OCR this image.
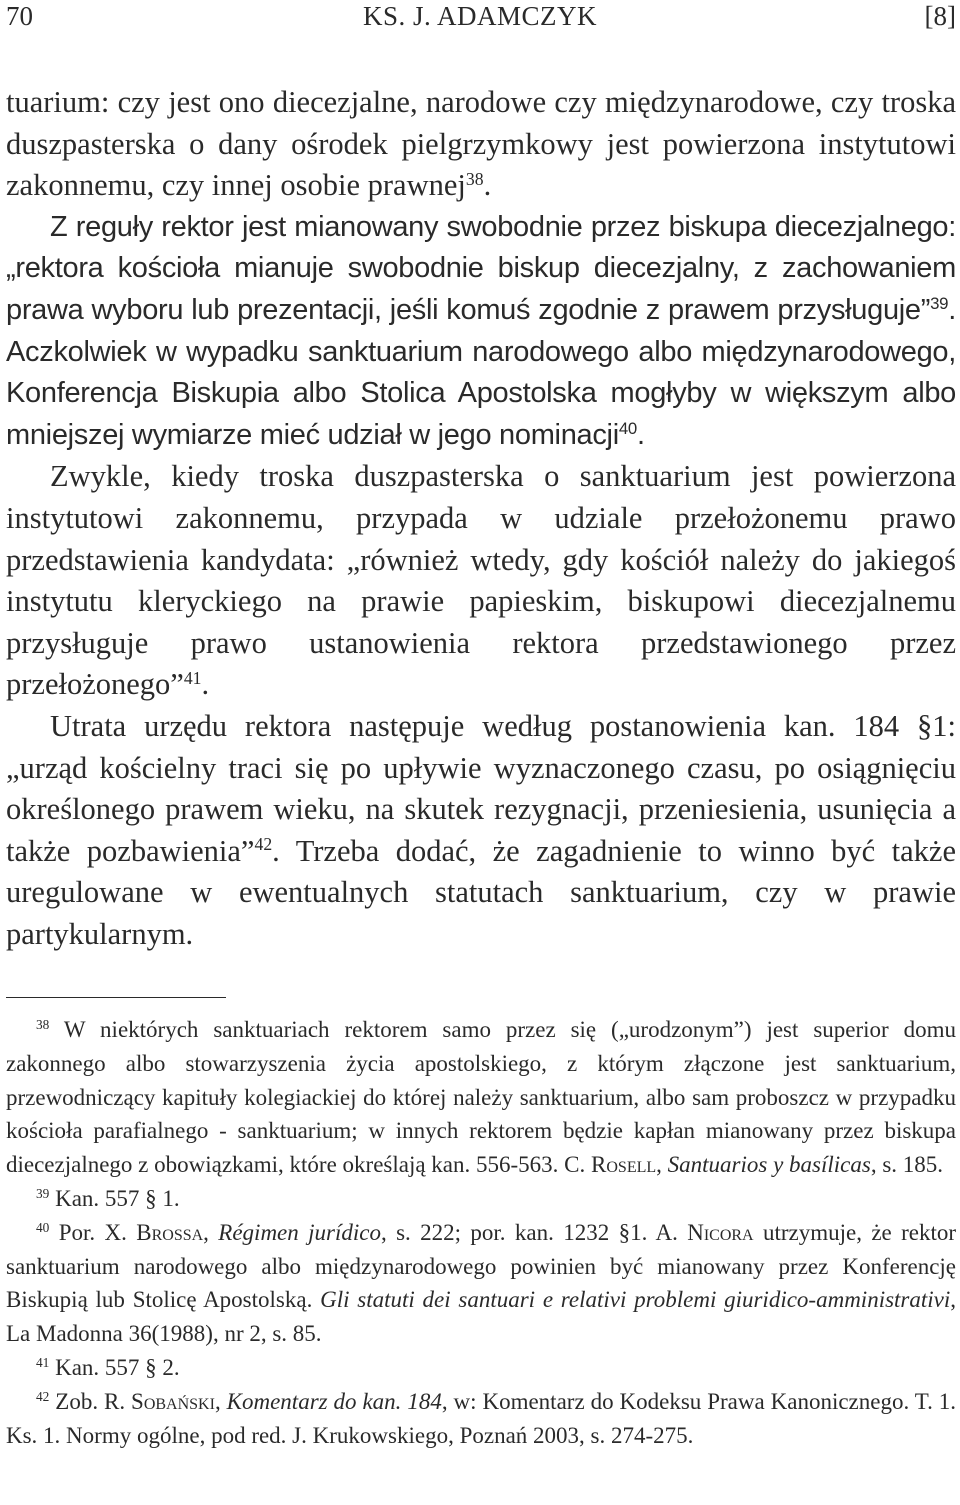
70	KS. J. ADAMCZYK	[8]

tuarium: czy jest ono diecezjalne, narodowe czy międzynarodowe, czy troska duszpasterska o dany ośrodek pielgrzymkowy jest powierzona instytutowi zakonnemu, czy innej osobie prawnej$^{38}$.

Z reguły rektor jest mianowany swobodnie przez biskupa diecezjalnego: „rektora kościoła mianuje swobodnie biskup diecezjalny, z zachowaniem prawa wyboru lub prezentacji, jeśli komuś zgodnie z prawem przysługuje”$^{39}$. Aczkolwiek w wypadku sanktuarium narodowego albo międzynarodowego, Konferencja Biskupia albo Stolica Apostolska mogłyby w większym albo mniejszej wymiarze mieć udział w jego nominacji$^{40}$.

Zwykle, kiedy troska duszpasterska o sanktuarium jest powierzona instytutowi zakonnemu, przypada w udziale przełożonemu prawo przedstawienia kandydata: „również wtedy, gdy kościół należy do jakiegoś instytutu kleryckiego na prawie papieskim, biskupowi diecezjalnemu przysługuje prawo ustanowienia rektora przedstawionego przez przełożonego”$^{41}$.

Utrata urzędu rektora następuje według postanowienia kan. 184 §1: „urząd kościelny traci się po upływie wyznaczonego czasu, po osiągnięciu określonego prawem wieku, na skutek rezygnacji, przeniesienia, usunięcia a także pozbawienia”$^{42}$. Trzeba dodać, że zagadnienie to winno być także uregulowane w ewentualnych statutach sanktuarium, czy w prawie partykularnym.

$^{38}$ W niektórych sanktuariach rektorem samo przez się („urodzonym”) jest superior domu zakonnego albo stowarzyszenia życia apostolskiego, z którym złączone jest sanktuarium, przewodniczący kapituły kolegiackiej do której należy sanktuarium, albo sam proboszcz w przypadku kościoła parafialnego - sanktuarium; w innych rektorem będzie kapłan mianowany przez biskupa diecezjalnego z obowiązkami, które określają kan. 556-563. C. Rosell, Santuarios y basílicas, s. 185.

$^{39}$ Kan. 557 § 1.

$^{40}$ Por. X. Brossa, Régimen jurídico, s. 222; por. kan. 1232 §1. A. Nicora utrzymuje, że rektor sanktuarium narodowego albo międzynarodowego powinien być mianowany przez Konferencję Biskupią lub Stolicę Apostolską. Gli statuti dei santuari e relativi problemi giuridico-amministrativi, La Madonna 36(1988), nr 2, s. 85.

$^{41}$ Kan. 557 § 2.

$^{42}$ Zob. R. Sobański, Komentarz do kan. 184, w: Komentarz do Kodeksu Prawa Kanonicznego. T. 1. Ks. 1. Normy ogólne, pod red. J. Krukowskiego, Poznań 2003, s. 274-275.
